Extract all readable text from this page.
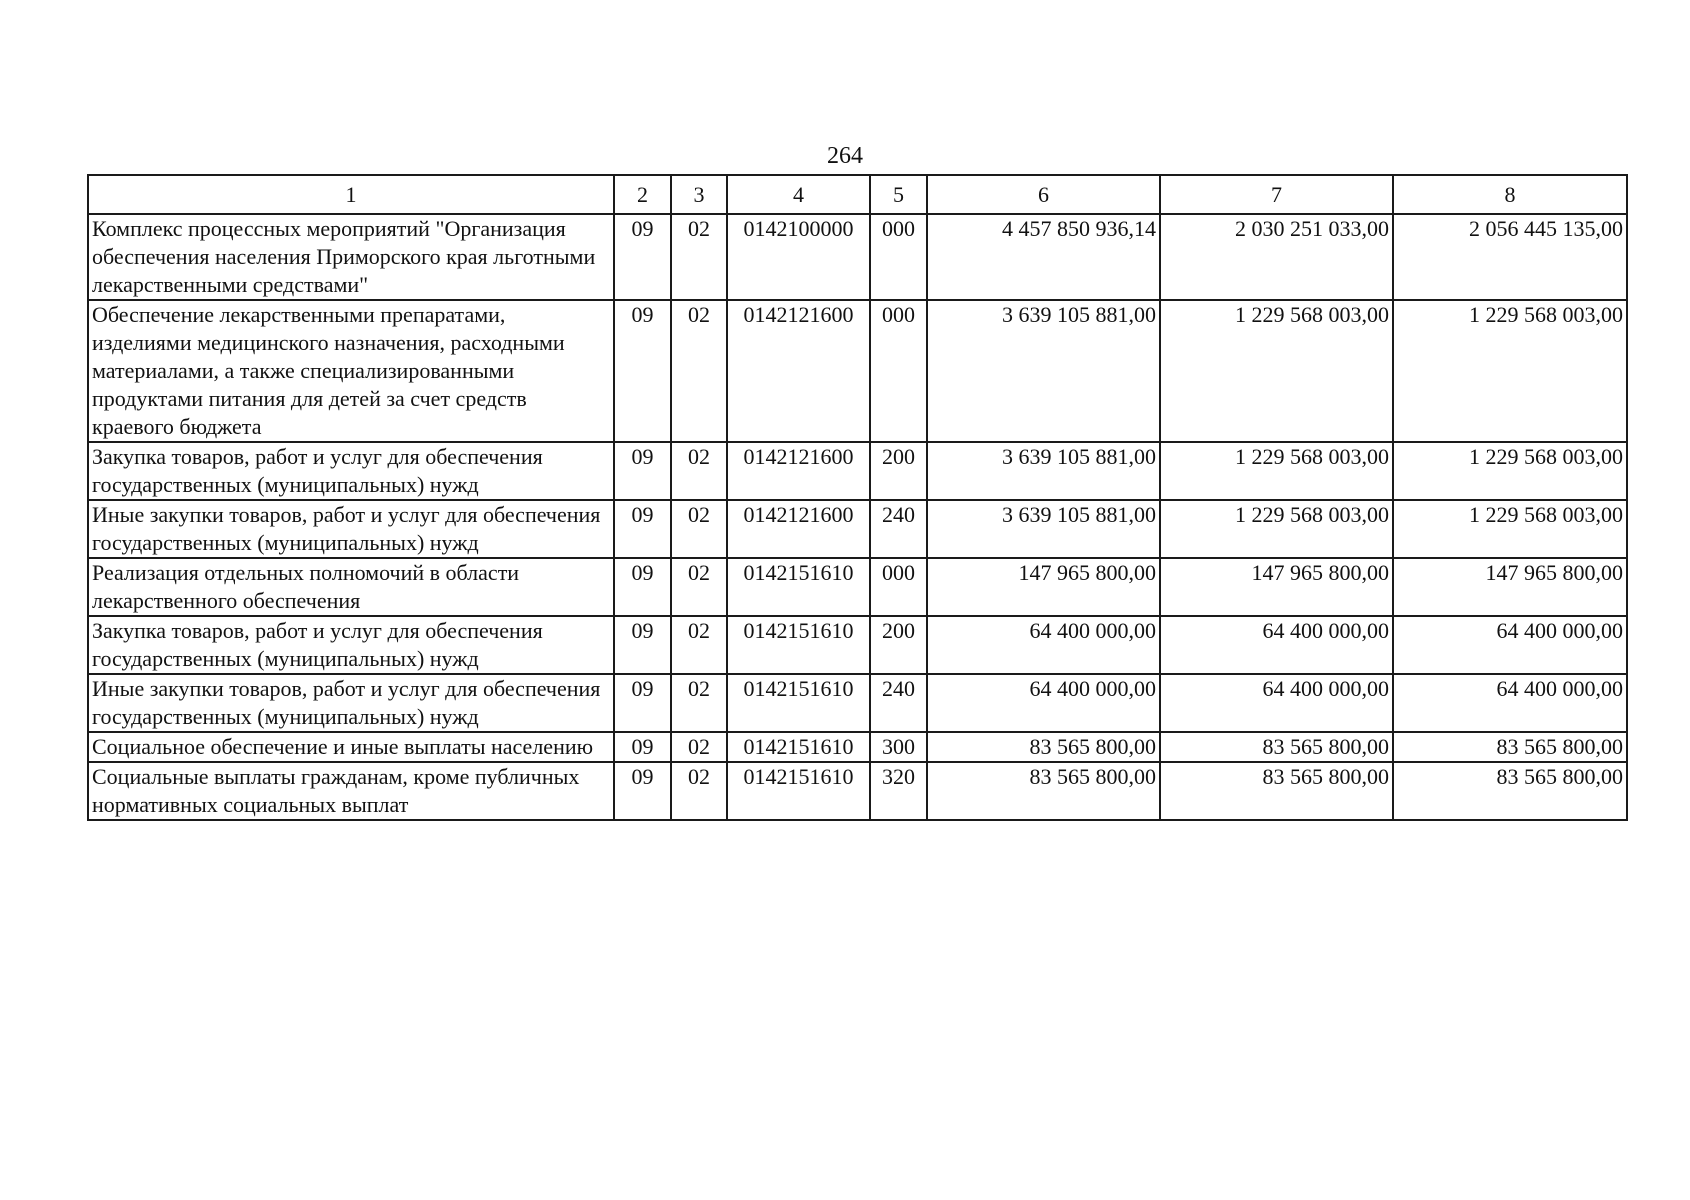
264
1	2	3	4	5	6	7	8
Комплекс процессных мероприятий "Организация обеспечения населения Приморского края льготными лекарственными средствами"	09	02	0142100000	000	4 457 850 936,14	2 030 251 033,00	2 056 445 135,00
Обеспечение лекарственными препаратами, изделиями медицинского назначения, расходными материалами, а также специализированными продуктами питания для детей за счет средств краевого бюджета	09	02	0142121600	000	3 639 105 881,00	1 229 568 003,00	1 229 568 003,00
Закупка товаров, работ и услуг для обеспечения государственных (муниципальных) нужд	09	02	0142121600	200	3 639 105 881,00	1 229 568 003,00	1 229 568 003,00
Иные закупки товаров, работ и услуг для обеспечения государственных (муниципальных) нужд	09	02	0142121600	240	3 639 105 881,00	1 229 568 003,00	1 229 568 003,00
Реализация отдельных полномочий в области лекарственного обеспечения	09	02	0142151610	000	147 965 800,00	147 965 800,00	147 965 800,00
Закупка товаров, работ и услуг для обеспечения государственных (муниципальных) нужд	09	02	0142151610	200	64 400 000,00	64 400 000,00	64 400 000,00
Иные закупки товаров, работ и услуг для обеспечения государственных (муниципальных) нужд	09	02	0142151610	240	64 400 000,00	64 400 000,00	64 400 000,00
Социальное обеспечение и иные выплаты населению	09	02	0142151610	300	83 565 800,00	83 565 800,00	83 565 800,00
Социальные выплаты гражданам, кроме публичных нормативных социальных выплат	09	02	0142151610	320	83 565 800,00	83 565 800,00	83 565 800,00
